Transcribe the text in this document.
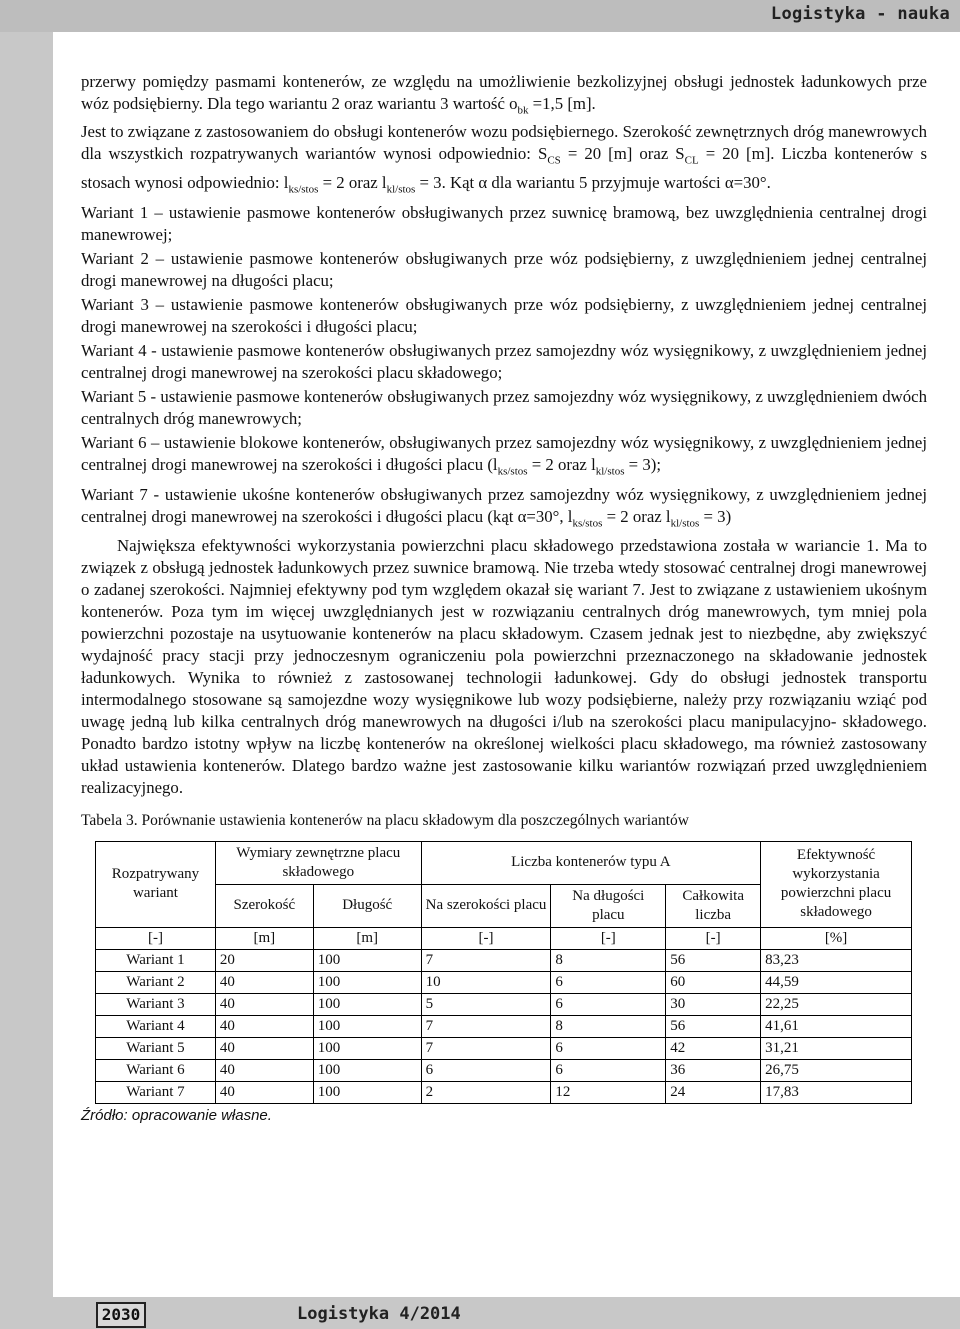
Logistyka - nauka

przerwy pomiędzy pasmami kontenerów, ze względu na umożliwienie bezkolizyjnej obsługi jednostek ładunkowych prze wóz podsiębierny. Dla tego wariantu 2 oraz wariantu 3 wartość $o_{bk} =1,5$ [m].

Jest to związane z zastosowaniem do obsługi kontenerów wozu podsiębiernego. Szerokość zewnętrznych dróg manewrowych dla wszystkich rozpatrywanych wariantów wynosi odpowiednio: $S_{CS} = 20$ [m] oraz $S_{CL} = 20$ [m]. Liczba kontenerów s stosach wynosi odpowiednio: $l_{ks/stos} = 2$ oraz $l_{kl/stos} = 3$. Kąt α dla wariantu 5 przyjmuje wartości α=30°.

Wariant 1 – ustawienie pasmowe kontenerów obsługiwanych przez suwnicę bramową, bez uwzględnienia centralnej drogi manewrowej;

Wariant 2 – ustawienie pasmowe kontenerów obsługiwanych prze wóz podsiębierny, z uwzględnieniem jednej centralnej drogi manewrowej na długości placu;

Wariant 3 – ustawienie pasmowe kontenerów obsługiwanych prze wóz podsiębierny, z uwzględnieniem jednej centralnej drogi manewrowej na szerokości i długości placu;

Wariant 4 - ustawienie pasmowe kontenerów obsługiwanych przez samojezdny wóz wysięgnikowy, z uwzględnieniem jednej centralnej drogi manewrowej na szerokości placu składowego;

Wariant 5 - ustawienie pasmowe kontenerów obsługiwanych przez samojezdny wóz wysięgnikowy, z uwzględnieniem dwóch centralnych dróg manewrowych;

Wariant 6 – ustawienie blokowe kontenerów, obsługiwanych przez samojezdny wóz wysięgnikowy, z uwzględnieniem jednej centralnej drogi manewrowej na szerokości i długości placu ($l_{ks/stos} = 2$ oraz $l_{kl/stos} = 3$);

Wariant 7 - ustawienie ukośne kontenerów obsługiwanych przez samojezdny wóz wysięgnikowy, z uwzględnieniem jednej centralnej drogi manewrowej na szerokości i długości placu (kąt α=30°, $l_{ks/stos} = 2$ oraz $l_{kl/stos} = 3$)

Największa efektywności wykorzystania powierzchni placu składowego przedstawiona została w wariancie 1. Ma to związek z obsługą jednostek ładunkowych przez suwnice bramową. Nie trzeba wtedy stosować centralnej drogi manewrowej o zadanej szerokości. Najmniej efektywny pod tym względem okazał się wariant 7. Jest to związane z ustawieniem ukośnym kontenerów. Poza tym im więcej uwzględnianych jest w rozwiązaniu centralnych dróg manewrowych, tym mniej pola powierzchni pozostaje na usytuowanie kontenerów na placu składowym. Czasem jednak jest to niezbędne, aby zwiększyć wydajność pracy stacji przy jednoczesnym ograniczeniu pola powierzchni przeznaczonego na składowanie jednostek ładunkowych. Wynika to również z zastosowanej technologii ładunkowej. Gdy do obsługi jednostek transportu intermodalnego stosowane są samojezdne wozy wysięgnikowe lub wozy podsiębierne, należy przy rozwiązaniu wziąć pod uwagę jedną lub kilka centralnych dróg manewrowych na długości i/lub na szerokości placu manipulacyjno- składowego. Ponadto bardzo istotny wpływ na liczbę kontenerów na określonej wielkości placu składowego, ma również zastosowany układ ustawienia kontenerów. Dlatego bardzo ważne jest zastosowanie kilku wariantów rozwiązań przed uwzględnieniem realizacyjnego.

Tabela 3. Porównanie ustawienia kontenerów na placu składowym dla poszczególnych wariantów
Rozpatrywany wariant	Wymiary zewnętrzne placu składowego		Liczba kontenerów typu A			Efektywność wykorzystania powierzchni placu składowego
	Szerokość	Długość	Na szerokości placu	Na długości placu	Całkowita liczba	
[-]	[m]	[m]	[-]	[-]	[-]	[%]
Wariant 1	20	100	7	8	56	83,23
Wariant 2	40	100	10	6	60	44,59
Wariant 3	40	100	5	6	30	22,25
Wariant 4	40	100	7	8	56	41,61
Wariant 5	40	100	7	6	42	31,21
Wariant 6	40	100	6	6	36	26,75
Wariant 7	40	100	2	12	24	17,83
Źródło: opracowanie własne.
2030	Logistyka 4/2014
